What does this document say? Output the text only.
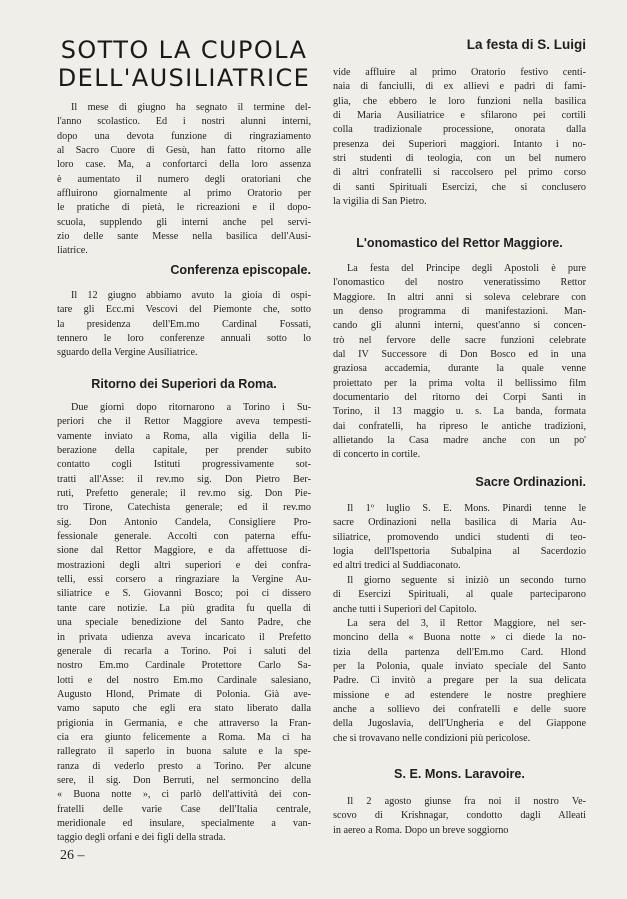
SOTTO LA CUPOLA
DELL'AUSILIATRICE
La festa di S. Luigi
Il mese di giugno ha segnato il termine del-
l'anno scolastico. Ed i nostri alunni interni,
dopo una devota funzione di ringraziamento
al Sacro Cuore di Gesù, han fatto ritorno alle
loro case. Ma, a confortarci della loro assenza
è aumentato il numero degli oratoriani che
affluirono giornalmente al primo Oratorio per
le pratiche di pietà, le ricreazioni e il dopo-
scuola, supplendo gli interni anche pel servi-
zio delle sante Messe nella basilica dell'Ausi-
liatrice.
Conferenza episcopale.
Il 12 giugno abbiamo avuto la gioia di ospi-
tare gli Ecc.mi Vescovi del Piemonte che, sotto
la presidenza dell'Em.mo Cardinal Fossati,
tennero le loro conferenze annuali sotto lo
sguardo della Vergine Ausiliatrice.
Ritorno dei Superiori da Roma.
Due giorni dopo ritornarono a Torino i Su-
periori che il Rettor Maggiore aveva tempesti-
vamente inviato a Roma, alla vigilia della li-
berazione della capitale, per prender subito
contatto cogli Istituti progressivamente sot-
tratti all'Asse: il rev.mo sig. Don Pietro Ber-
ruti, Prefetto generale; il rev.mo sig. Don Pie-
tro Tirone, Catechista generale; ed il rev.mo
sig. Don Antonio Candela, Consigliere Pro-
fessionale generale. Accolti con paterna effu-
sione dal Rettor Maggiore, e da affettuose di-
mostrazioni degli altri superiori e dei confra-
telli, essi corsero a ringraziare la Vergine Au-
siliatrice e S. Giovanni Bosco; poi ci dissero
tante care notizie. La più gradita fu quella di
una speciale benedizione del Santo Padre, che
in privata udienza aveva incaricato il Prefetto
generale di recarla a Torino. Poi i saluti del
nostro Em.mo Cardinale Protettore Carlo Sa-
lotti e del nostro Em.mo Cardinale salesiano,
Augusto Hlond, Primate di Polonia. Già ave-
vamo saputo che egli era stato liberato dalla
prigionia in Germania, e che attraverso la Fran-
cia era giunto felicemente a Roma. Ma ci ha
rallegrato il saperlo in buona salute e la spe-
ranza di vederlo presto a Torino. Per alcune
sere, il sig. Don Berruti, nel sermoncino della
« Buona notte », ci parlò dell'attività dei con-
fratelli delle varie Case dell'Italia centrale,
meridionale ed insulare, specialmente a van-
taggio degli orfani e dei figli della strada.
vide affluire al primo Oratorio festivo centi-
naia di fanciulli, di ex allievi e padri di fami-
glia, che ebbero le loro funzioni nella basilica
di Maria Ausiliatrice e sfilarono pei cortili
colla tradizionale processione, onorata dalla
presenza dei Superiori maggiori. Intanto i no-
stri studenti di teologia, con un bel numero
di altri confratelli si raccolsero pel primo corso
di santi Spirituali Esercizi, che si conclusero
la vigilia di San Pietro.
L'onomastico del Rettor Maggiore.
La festa del Principe degli Apostoli è pure
l'onomastico del nostro veneratissimo Rettor
Maggiore. In altri anni si soleva celebrare con
un denso programma di manifestazioni. Man-
cando gli alunni interni, quest'anno si concen-
trò nel fervore delle sacre funzioni celebrate
dal IV Successore di Don Bosco ed in una
graziosa accademia, durante la quale venne
proiettato per la prima volta il bellissimo film
documentario del ritorno dei Corpi Santi in
Torino, il 13 maggio u. s. La banda, formata
dai confratelli, ha ripreso le antiche tradizioni,
allietando la Casa madre anche con un po'
di concerto in cortile.
Sacre Ordinazioni.
Il 1º luglio S. E. Mons. Pinardi tenne le
sacre Ordinazioni nella basilica di Maria Au-
siliatrice, promovendo undici studenti di teo-
logia dell'Ispettoria Subalpina al Sacerdozio
ed altri tredici al Suddiaconato.
Il giorno seguente si iniziò un secondo turno
di Esercizi Spirituali, al quale parteciparono
anche tutti i Superiori del Capitolo.
La sera del 3, il Rettor Maggiore, nel ser-
moncino della « Buona notte » ci diede la no-
tizia della partenza dell'Em.mo Card. Hlond
per la Polonia, quale inviato speciale del Santo
Padre. Ci invitò a pregare per la sua delicata
missione e ad estendere le nostre preghiere
anche a sollievo dei confratelli e delle suore
della Jugoslavia, dell'Ungheria e del Giappone
che si trovavano nelle condizioni più pericolose.
S. E. Mons. Laravoire.
Il 2 agosto giunse fra noi il nostro Ve-
scovo di Krishnagar, condotto dagli Alleati
in aereo a Roma. Dopo un breve soggiorno
26 –
